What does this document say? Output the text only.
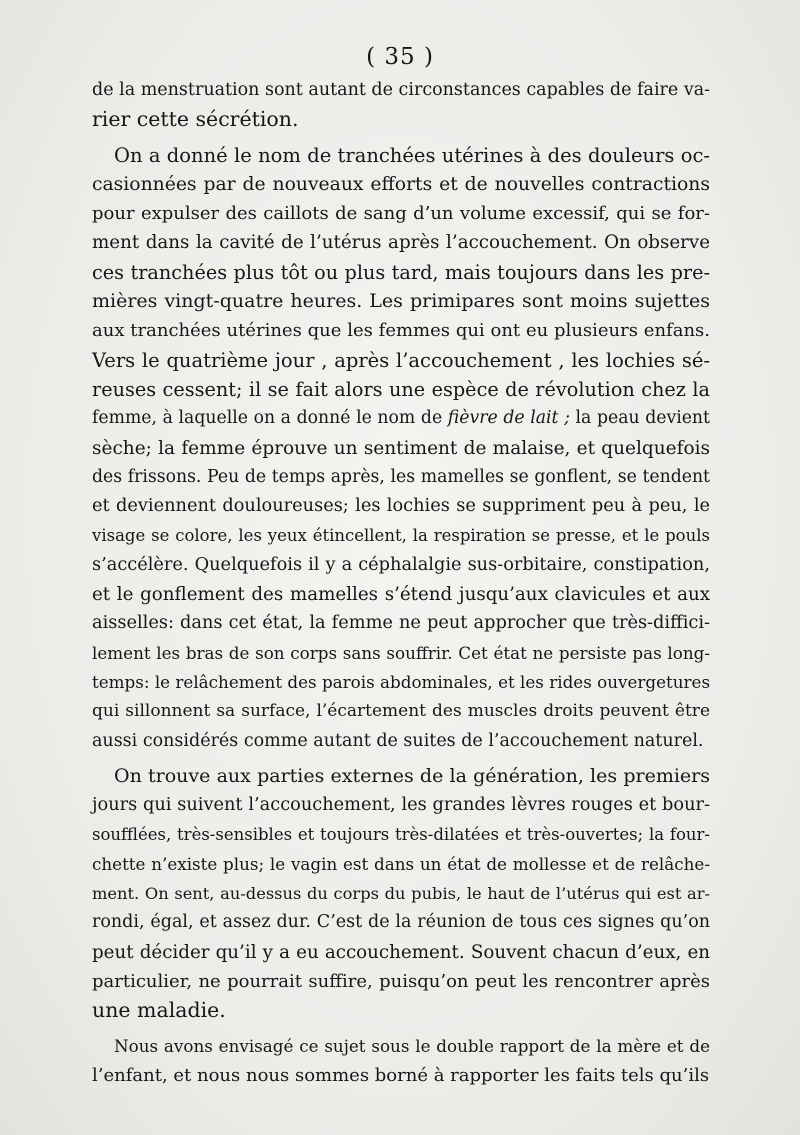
( 35 )
de la menstruation sont autant de circonstances capables de faire va-
rier cette sécrétion.
On a donné le nom de tranchées utérines à des douleurs oc-
casionnées par de nouveaux efforts et de nouvelles contractions
pour expulser des caillots de sang d’un volume excessif, qui se for-
ment dans la cavité de l’utérus après l’accouchement. On observe
ces tranchées plus tôt ou plus tard, mais toujours dans les pre-
mières vingt-quatre heures. Les primipares sont moins sujettes
aux tranchées utérines que les femmes qui ont eu plusieurs enfans.
Vers le quatrième jour , après l’accouchement , les lochies sé-
reuses cessent; il se fait alors une espèce de révolution chez la
femme, à laquelle on a donné le nom de fièvre de lait ; la peau devient
sèche; la femme éprouve un sentiment de malaise, et quelquefois
des frissons. Peu de temps après, les mamelles se gonflent, se tendent
et deviennent douloureuses; les lochies se suppriment peu à peu, le
visage se colore, les yeux étincellent, la respiration se presse, et le pouls
s’accélère. Quelquefois il y a céphalalgie sus-orbitaire, constipation,
et le gonflement des mamelles s’étend jusqu’aux clavicules et aux
aisselles: dans cet état, la femme ne peut approcher que très-diffici-
lement les bras de son corps sans souffrir. Cet état ne persiste pas long-
temps: le relâchement des parois abdominales, et les rides ouvergetures
qui sillonnent sa surface, l’écartement des muscles droits peuvent être
aussi considérés comme autant de suites de l’accouchement naturel.
On trouve aux parties externes de la génération, les premiers
jours qui suivent l’accouchement, les grandes lèvres rouges et bour-
soufflées, très-sensibles et toujours très-dilatées et très-ouvertes; la four-
chette n’existe plus; le vagin est dans un état de mollesse et de relâche-
ment. On sent, au-dessus du corps du pubis, le haut de l’utérus qui est ar-
rondi, égal, et assez dur. C’est de la réunion de tous ces signes qu’on
peut décider qu’il y a eu accouchement. Souvent chacun d’eux, en
particulier, ne pourrait suffire, puisqu’on peut les rencontrer après
une maladie.
Nous avons envisagé ce sujet sous le double rapport de la mère et de
l’enfant, et nous nous sommes borné à rapporter les faits tels qu’ils
